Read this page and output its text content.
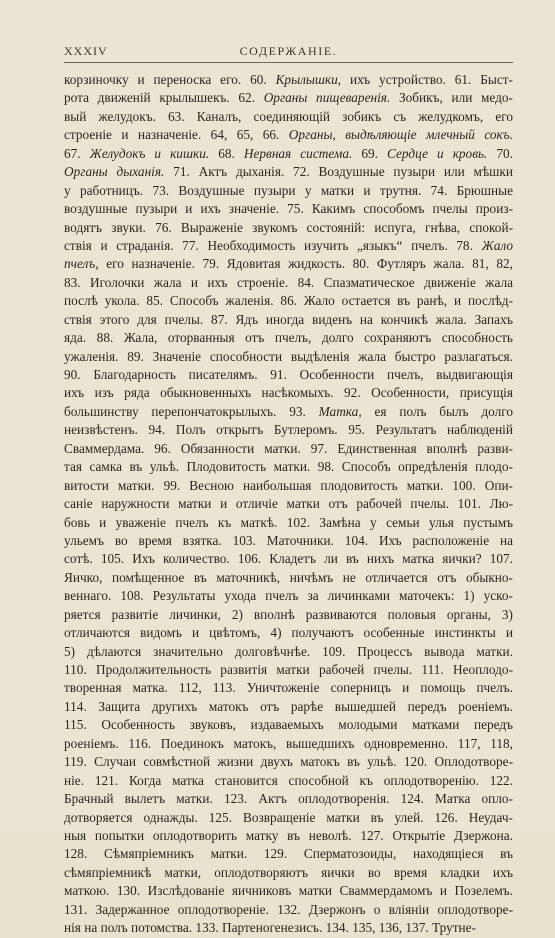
XXXIV	СОДЕРЖАНІЕ.
корзиночку и переноска его. 60. Крылышки, ихъ устройство. 61. Быст-
рота движеній крылышекъ. 62. Органы пищеваренія. Зобикъ, или медо-
вый желудокъ. 63. Каналъ, соединяющій зобикъ съ желудкомъ, его
строеніе и назначеніе. 64, 65, 66. Органы, выдѣляющіе млечный сокъ.
67. Желудокъ и кишки. 68. Нервная система. 69. Сердце и кровь. 70.
Органы дыханія. 71. Актъ дыханія. 72. Воздушные пузыри или мѣшки
у работницъ. 73. Воздушные пузыри у матки и трутня. 74. Брюшные
воздушные пузыри и ихъ значеніе. 75. Какимъ способомъ пчелы произ-
водятъ звуки. 76. Выраженіе звукомъ состояній: испуга, гнѣва, спокой-
ствія и страданія. 77. Необходимость изучить „языкъ“ пчелъ. 78. Жало
пчелъ, его назначеніе. 79. Ядовитая жидкость. 80. Футляръ жала. 81, 82,
83. Иголочки жала и ихъ строеніе. 84. Спазматическое движеніе жала
послѣ укола. 85. Способъ жаленія. 86. Жало остается въ ранѣ, и послѣд-
ствія этого для пчелы. 87. Ядъ иногда виденъ на кончикѣ жала. Запахъ
яда. 88. Жала, оторванныя отъ пчелъ, долго сохраняютъ способность
ужаленія. 89. Значеніе способности выдѣленія жала быстро разлагаться.
90. Благодарность писателямъ. 91. Особенности пчелъ, выдвигающія
ихъ изъ ряда обыкновенныхъ насѣкомыхъ. 92. Особенности, присущія
большинству перепончатокрылыхъ. 93. Матка, ея полъ былъ долго
неизвѣстенъ. 94. Полъ открытъ Бутлеромъ. 95. Результатъ наблюденій
Сваммердама. 96. Обязанности матки. 97. Единственная вполнѣ разви-
тая самка въ ульѣ. Плодовитость матки. 98. Способъ опредѣленія плодо-
витости матки. 99. Весною наибольшая плодовитость матки. 100. Опи-
саніе наружности матки и отличіе матки отъ рабочей пчелы. 101. Лю-
бовь и уваженіе пчелъ къ маткѣ. 102. Замѣна у семьи улья пустымъ
ульемъ во время взятка. 103. Маточники. 104. Ихъ расположеніе на
сотѣ. 105. Ихъ количество. 106. Кладетъ ли въ нихъ матка яички? 107.
Яичко, помѣщенное въ маточникѣ, ничѣмъ не отличается отъ обыкно-
веннаго. 108. Результаты ухода пчелъ за личинками маточекъ: 1) уско-
ряется развитіе личинки, 2) вполнѣ развиваются половыя органы, 3)
отличаются видомъ и цвѣтомъ, 4) получаютъ особенные инстинкты и
5) дѣлаются значительно долговѣчнѣе. 109. Процессъ вывода матки.
110. Продолжительность развитія матки рабочей пчелы. 111. Неоплодо-
творенная матка. 112, 113. Уничтоженіе соперницъ и помощь пчелъ.
114. Защита другихъ матокъ отъ рарѣе вышедшей передъ роеніемъ.
115. Особенность звуковъ, издаваемыхъ молодыми матками передъ
роеніемъ. 116. Поединокъ матокъ, вышедшихъ одновременно. 117, 118,
119. Случаи совмѣстной жизни двухъ матокъ въ ульѣ. 120. Оплодотворе-
ніе. 121. Когда матка становится способной къ оплодотворенію. 122.
Брачный вылетъ матки. 123. Актъ оплодотворенія. 124. Матка опло-
дотворяется однажды. 125. Возвращеніе матки въ улей. 126. Неудач-
ныя попытки оплодотворить матку въ неволѣ. 127. Открытіе Дзержона.
128. Сѣмяпріемникъ матки. 129. Сперматозоиды, находящіеся въ
сѣмяпріемникѣ матки, оплодотворяютъ яички во время кладки ихъ
маткою. 130. Изслѣдованіе яичниковъ матки Сваммердамомъ и Позелемъ.
131. Задержанное оплодотвореніе. 132. Дзержонъ о вліяніи оплодотворе-
нія на полъ потомства. 133. Партеногенезисъ. 134. 135, 136, 137. Трутне-
